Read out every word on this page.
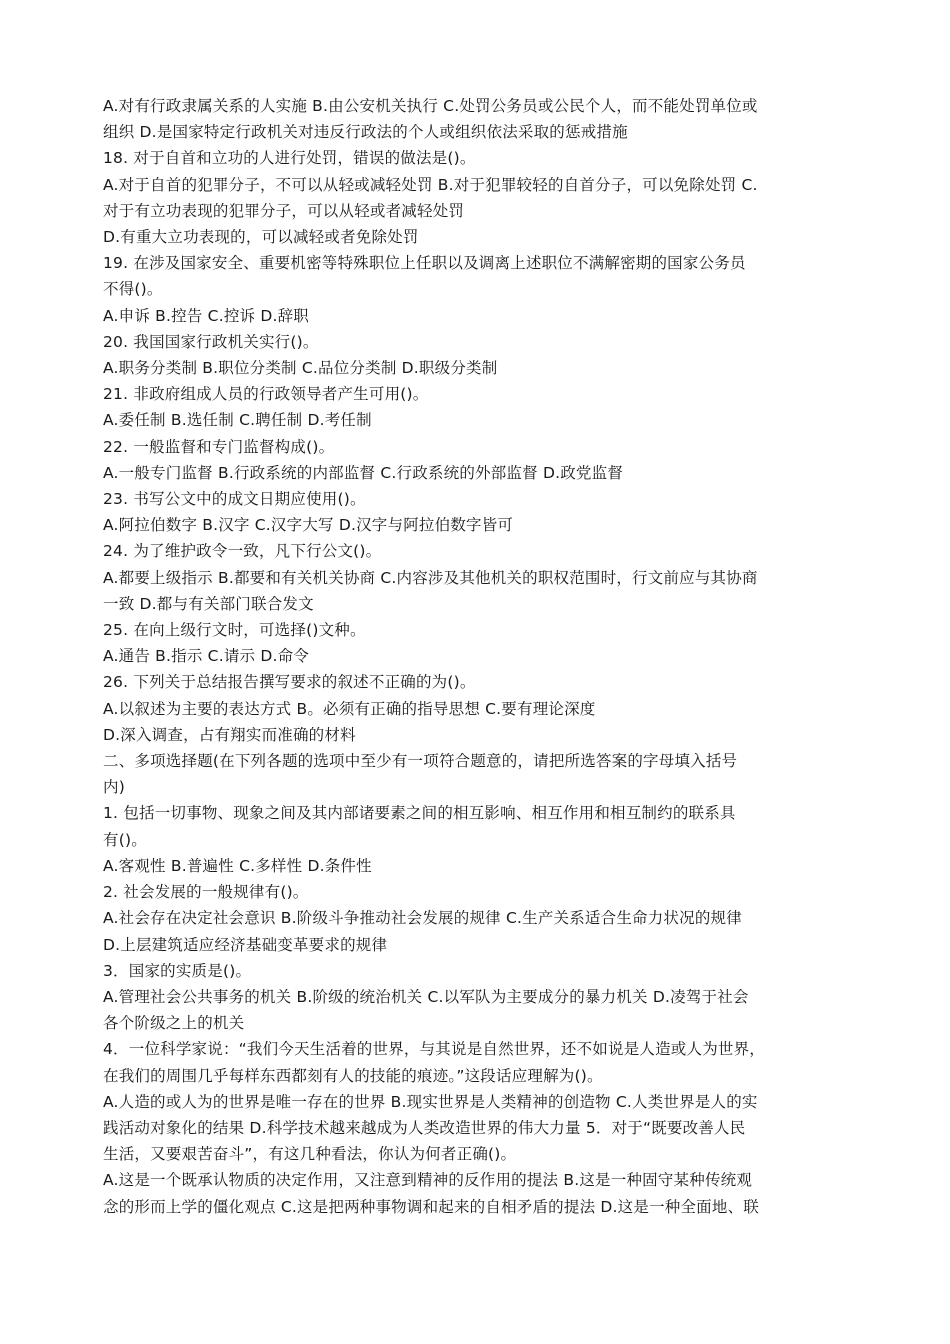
A.对有行政隶属关系的人实施 B.由公安机关执行 C.处罚公务员或公民个人，而不能处罚单位或
组织 D.是国家特定行政机关对违反行政法的个人或组织依法采取的惩戒措施
18. 对于自首和立功的人进行处罚，错误的做法是()。
A.对于自首的犯罪分子，不可以从轻或减轻处罚 B.对于犯罪较轻的自首分子，可以免除处罚 C.
对于有立功表现的犯罪分子，可以从轻或者减轻处罚
D.有重大立功表现的，可以减轻或者免除处罚
19. 在涉及国家安全、重要机密等特殊职位上任职以及调离上述职位不满解密期的国家公务员
不得()。
A.申诉 B.控告 C.控诉 D.辞职
20. 我国国家行政机关实行()。
A.职务分类制 B.职位分类制 C.品位分类制 D.职级分类制
21. 非政府组成人员的行政领导者产生可用()。
A.委任制 B.选任制 C.聘任制 D.考任制
22. 一般监督和专门监督构成()。
A.一般专门监督 B.行政系统的内部监督 C.行政系统的外部监督 D.政党监督
23. 书写公文中的成文日期应使用()。
A.阿拉伯数字 B.汉字 C.汉字大写 D.汉字与阿拉伯数字皆可
24. 为了维护政令一致，凡下行公文()。
A.都要上级指示 B.都要和有关机关协商 C.内容涉及其他机关的职权范围时，行文前应与其协商
一致 D.都与有关部门联合发文
25. 在向上级行文时，可选择()文种。
A.通告 B.指示 C.请示 D.命令
26. 下列关于总结报告撰写要求的叙述不正确的为()。
A.以叙述为主要的表达方式 B。必须有正确的指导思想 C.要有理论深度
D.深入调查，占有翔实而准确的材料
二、多项选择题(在下列各题的选项中至少有一项符合题意的，请把所选答案的字母填入括号
内)
1. 包括一切事物、现象之间及其内部诸要素之间的相互影响、相互作用和相互制约的联系具
有()。
A.客观性 B.普遍性 C.多样性 D.条件性
2. 社会发展的一般规律有()。
A.社会存在决定社会意识 B.阶级斗争推动社会发展的规律 C.生产关系适合生命力状况的规律
D.上层建筑适应经济基础变革要求的规律
3．国家的实质是()。
A.管理社会公共事务的机关 B.阶级的统治机关 C.以军队为主要成分的暴力机关 D.凌驾于社会
各个阶级之上的机关
4．一位科学家说：“我们今天生活着的世界，与其说是自然世界，还不如说是人造或人为世界，
在我们的周围几乎每样东西都刻有人的技能的痕迹。”这段话应理解为()。
A.人造的或人为的世界是唯一存在的世界 B.现实世界是人类精神的创造物 C.人类世界是人的实
践活动对象化的结果 D.科学技术越来越成为人类改造世界的伟大力量 5．对于“既要改善人民
生活，又要艰苦奋斗”，有这几种看法，你认为何者正确()。
A.这是一个既承认物质的决定作用，又注意到精神的反作用的提法 B.这是一种固守某种传统观
念的形而上学的僵化观点 C.这是把两种事物调和起来的自相矛盾的提法 D.这是一种全面地、联
